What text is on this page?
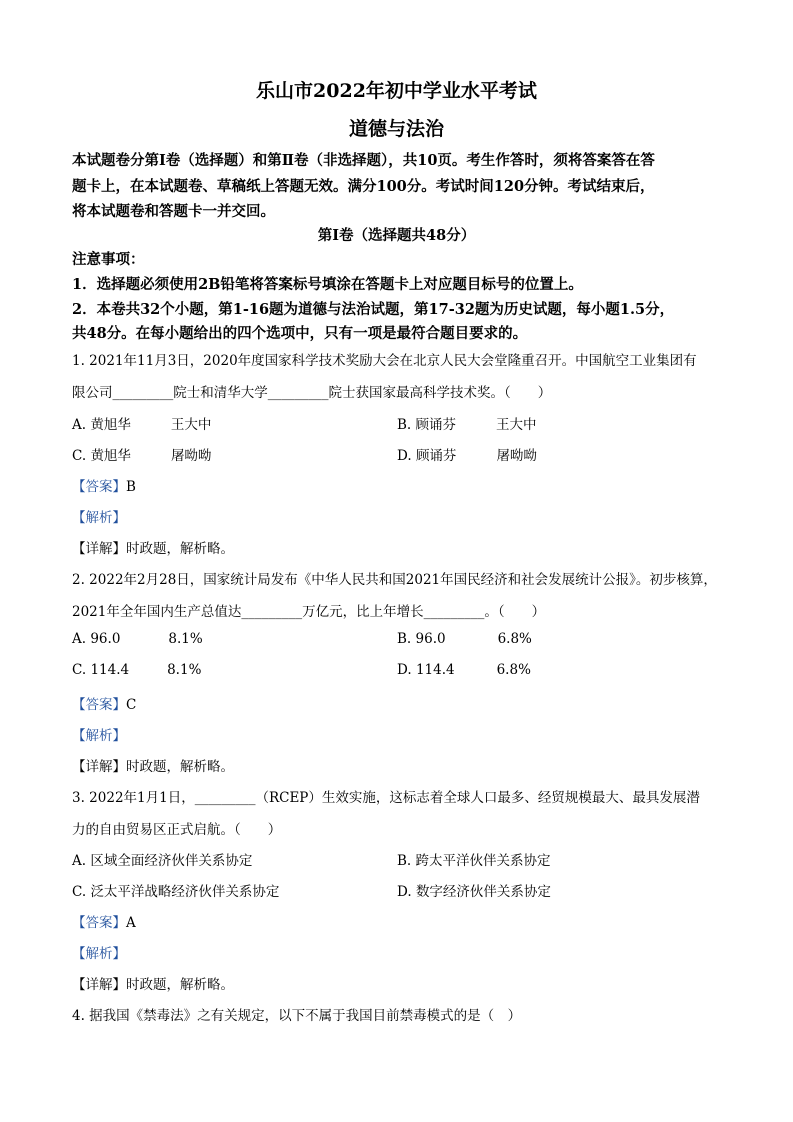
乐山市2022年初中学业水平考试
道德与法治
本试题卷分第I卷（选择题）和第Ⅱ卷（非选择题），共10页。考生作答时，须将答案答在答
题卡上，在本试题卷、草稿纸上答题无效。满分100分。考试时间120分钟。考试结束后，
将本试题卷和答题卡一并交回。
第I卷（选择题共48分）
注意事项：
1．选择题必须使用2B铅笔将答案标号填涂在答题卡上对应题目标号的位置上。
2．本卷共32个小题，第1-16题为道德与法治试题，第17-32题为历史试题，每小题1.5分，
共48分。在每小题给出的四个选项中，只有一项是最符合题目要求的。
1. 2021年11月3日，2020年度国家科学技术奖励大会在北京人民大会堂隆重召开。中国航空工业集团有
限公司_________院士和清华大学_________院士获国家最高科学技术奖。（　　）
A. 黄旭华	王大中	B. 顾诵芬	王大中
C. 黄旭华	屠呦呦	D. 顾诵芬	屠呦呦
【答案】B
【解析】
【详解】时政题，解析略。
2. 2022年2月28日，国家统计局发布《中华人民共和国2021年国民经济和社会发展统计公报》。初步核算，
2021年全年国内生产总值达_________万亿元，比上年增长_________。（　　）
A. 96.0	8.1%	B. 96.0	6.8%
C. 114.4	8.1%	D. 114.4	6.8%
【答案】C
【解析】
【详解】时政题，解析略。
3. 2022年1月1日，_________（RCEP）生效实施，这标志着全球人口最多、经贸规模最大、最具发展潜
力的自由贸易区正式启航。（　　）
A. 区域全面经济伙伴关系协定	B. 跨太平洋伙伴关系协定
C. 泛太平洋战略经济伙伴关系协定	D. 数字经济伙伴关系协定
【答案】A
【解析】
【详解】时政题，解析略。
4. 据我国《禁毒法》之有关规定，以下不属于我国目前禁毒模式的是（　）
